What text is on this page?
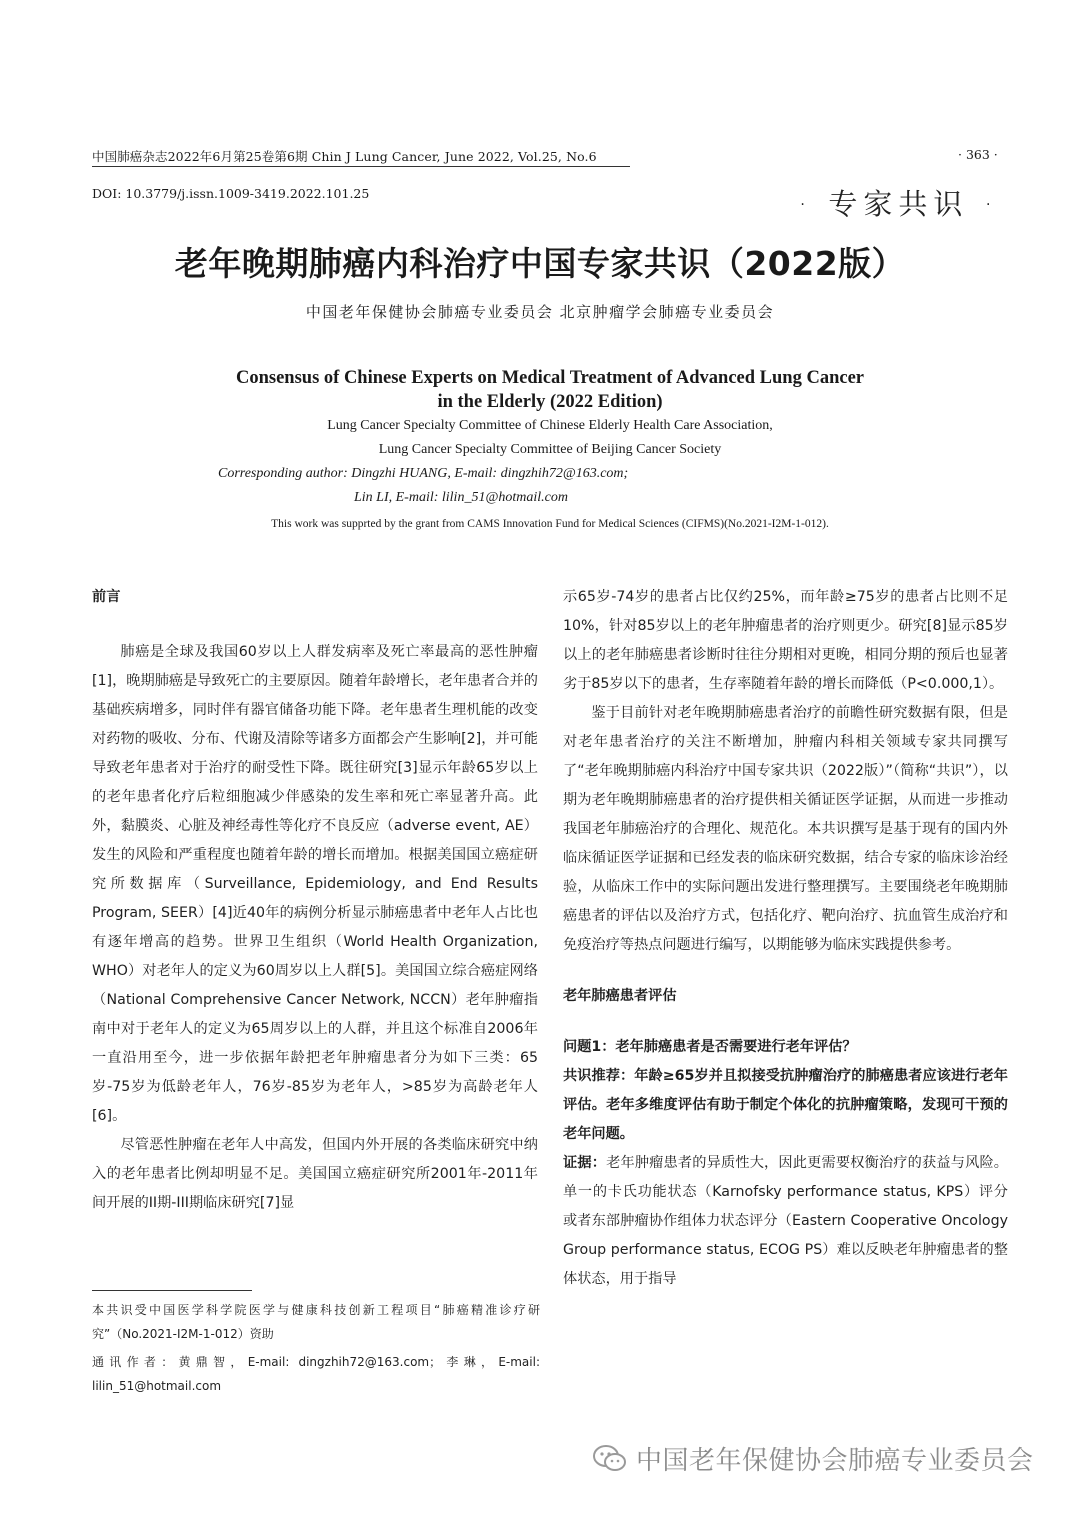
中国肺癌杂志2022年6月第25卷第6期 Chin J Lung Cancer, June 2022, Vol.25, No.6	· 363 ·
DOI: 10.3779/j.issn.1009-3419.2022.101.25	· 专家共识 ·
老年晚期肺癌内科治疗中国专家共识（2022版）
中国老年保健协会肺癌专业委员会 北京肿瘤学会肺癌专业委员会
Consensus of Chinese Experts on Medical Treatment of Advanced Lung Cancer
in the Elderly (2022 Edition)
Lung Cancer Specialty Committee of Chinese Elderly Health Care Association,
Lung Cancer Specialty Committee of Beijing Cancer Society
Corresponding author: Dingzhi HUANG, E-mail: dingzhih72@163.com;
Lin LI, E-mail: lilin_51@hotmail.com
This work was supprted by the grant from CAMS Innovation Fund for Medical Sciences (CIFMS)(No.2021-I2M-1-012).

前言

肺癌是全球及我国60岁以上人群发病率及死亡率最高的恶性肿瘤[1]，晚期肺癌是导致死亡的主要原因。随着年龄增长，老年患者合并的基础疾病增多，同时伴有器官储备功能下降。老年患者生理机能的改变对药物的吸收、分布、代谢及清除等诸多方面都会产生影响[2]，并可能导致老年患者对于治疗的耐受性下降。既往研究[3]显示年龄65岁以上的老年患者化疗后粒细胞减少伴感染的发生率和死亡率显著升高。此外，黏膜炎、心脏及神经毒性等化疗不良反应（adverse event, AE）发生的风险和严重程度也随着年龄的增长而增加。根据美国国立癌症研究所数据库（Surveillance, Epidemiology, and End Results Program, SEER）[4]近40年的病例分析显示肺癌患者中老年人占比也有逐年增高的趋势。世界卫生组织（World Health Organization, WHO）对老年人的定义为60周岁以上人群[5]。美国国立综合癌症网络（National Comprehensive Cancer Network, NCCN）老年肿瘤指南中对于老年人的定义为65周岁以上的人群，并且这个标准自2006年一直沿用至今，进一步依据年龄把老年肿瘤患者分为如下三类：65岁-75岁为低龄老年人，76岁-85岁为老年人，>85岁为高龄老年人[6]。

尽管恶性肿瘤在老年人中高发，但国内外开展的各类临床研究中纳入的老年患者比例却明显不足。美国国立癌症研究所2001年-2011年间开展的II期-III期临床研究[7]显

示65岁-74岁的患者占比仅约25%，而年龄≥75岁的患者占比则不足10%，针对85岁以上的老年肿瘤患者的治疗则更少。研究[8]显示85岁以上的老年肺癌患者诊断时往往分期相对更晚，相同分期的预后也显著劣于85岁以下的患者，生存率随着年龄的增长而降低（P<0.000,1）。

鉴于目前针对老年晚期肺癌患者治疗的前瞻性研究数据有限，但是对老年患者治疗的关注不断增加，肿瘤内科相关领域专家共同撰写了“老年晚期肺癌内科治疗中国专家共识（2022版）”（简称“共识”），以期为老年晚期肺癌患者的治疗提供相关循证医学证据，从而进一步推动我国老年肺癌治疗的合理化、规范化。本共识撰写是基于现有的国内外临床循证医学证据和已经发表的临床研究数据，结合专家的临床诊治经验，从临床工作中的实际问题出发进行整理撰写。主要围绕老年晚期肺癌患者的评估以及治疗方式，包括化疗、靶向治疗、抗血管生成治疗和免疫治疗等热点问题进行编写，以期能够为临床实践提供参考。

老年肺癌患者评估

问题1：老年肺癌患者是否需要进行老年评估？

共识推荐：年龄≥65岁并且拟接受抗肿瘤治疗的肺癌患者应该进行老年评估。老年多维度评估有助于制定个体化的抗肿瘤策略，发现可干预的老年问题。

证据：老年肿瘤患者的异质性大，因此更需要权衡治疗的获益与风险。单一的卡氏功能状态（Karnofsky performance status, KPS）评分或者东部肿瘤协作组体力状态评分（Eastern Cooperative Oncology Group performance status, ECOG PS）难以反映老年肿瘤患者的整体状态，用于指导

本共识受中国医学科学院医学与健康科技创新工程项目“肺癌精准诊疗研究”（No.2021-I2M-1-012）资助

通讯作者：黄鼎智，E-mail: dingzhih72@163.com；李琳，E-mail: lilin_51@hotmail.com

中国老年保健协会肺癌专业委员会
